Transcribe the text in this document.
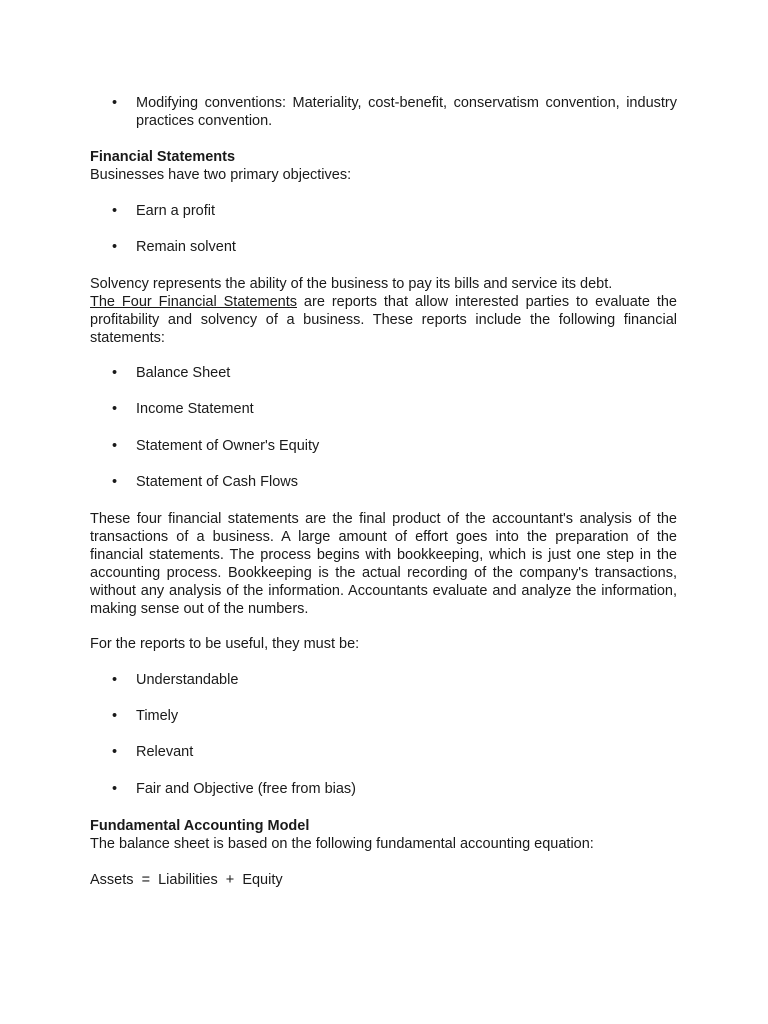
•	Modifying conventions: Materiality, cost-benefit, conservatism convention, industry practices convention.

Financial Statements

Businesses have two primary objectives:

•	Earn a profit
•	Remain solvent

Solvency represents the ability of the business to pay its bills and service its debt.

The Four Financial Statements are reports that allow interested parties to evaluate the profitability and solvency of a business. These reports include the following financial statements:

•	Balance Sheet
•	Income Statement
•	Statement of Owner's Equity
•	Statement of Cash Flows

These four financial statements are the final product of the accountant's analysis of the transactions of a business. A large amount of effort goes into the preparation of the financial statements. The process begins with bookkeeping, which is just one step in the accounting process. Bookkeeping is the actual recording of the company's transactions, without any analysis of the information. Accountants evaluate and analyze the information, making sense out of the numbers.

For the reports to be useful, they must be:

•	Understandable
•	Timely
•	Relevant
•	Fair and Objective (free from bias)

Fundamental Accounting Model

The balance sheet is based on the following fundamental accounting equation:

Assets  =  Liabilities  +  Equity
